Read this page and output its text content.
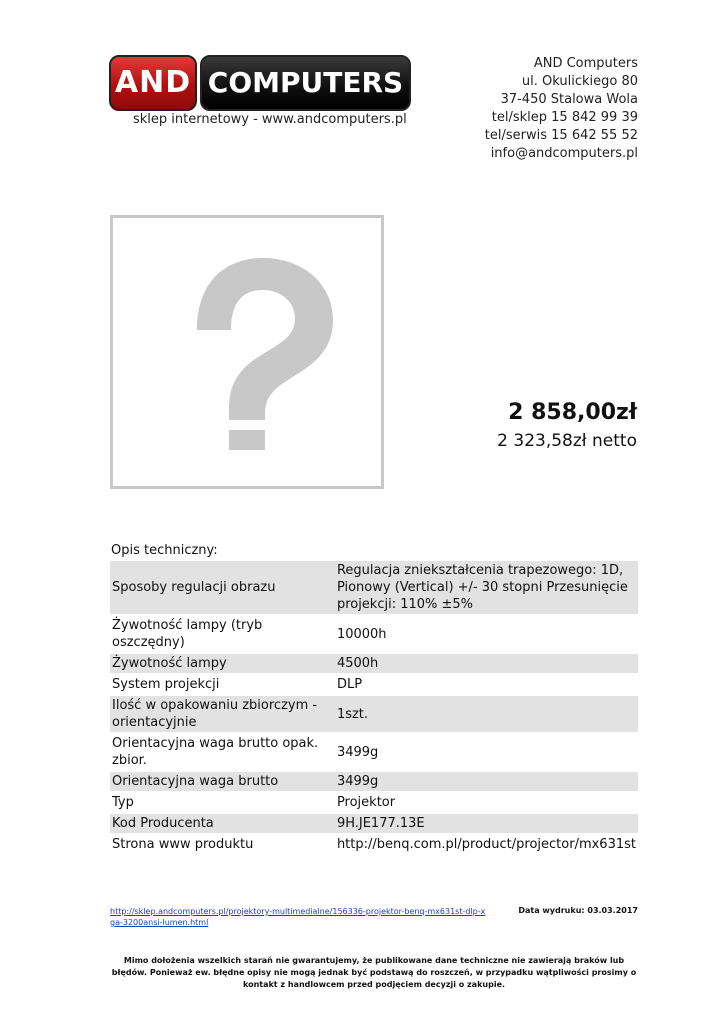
AND COMPUTERS
sklep internetowy - www.andcomputers.pl
AND Computers
ul. Okulickiego 80
37-450 Stalowa Wola
tel/sklep 15 842 99 39
tel/serwis 15 642 55 52
info@andcomputers.pl
2 858,00zł
2 323,58zł netto
Opis techniczny:
Sposoby regulacji obrazu	Regulacja zniekształcenia trapezowego: 1D, Pionowy (Vertical) +/- 30 stopni Przesunięcie projekcji: 110% ±5%
Żywotność lampy (tryb oszczędny)	10000h
Żywotność lampy	4500h
System projekcji	DLP
Ilość w opakowaniu zbiorczym - orientacyjnie	1szt.
Orientacyjna waga brutto opak. zbior.	3499g
Orientacyjna waga brutto	3499g
Typ	Projektor
Kod Producenta	9H.JE177.13E
Strona www produktu	http://benq.com.pl/product/projector/mx631st
http://sklep.andcomputers.pl/projektory-multimedialne/156336-projektor-benq-mx631st-dlp-xga-3200ansi-lumen.html
Data wydruku: 03.03.2017
Mimo dołożenia wszelkich starań nie gwarantujemy, że publikowane dane techniczne nie zawierają braków lub błędów. Ponieważ ew. błędne opisy nie mogą jednak być podstawą do roszczeń, w przypadku wątpliwości prosimy o kontakt z handlowcem przed podjęciem decyzji o zakupie.
